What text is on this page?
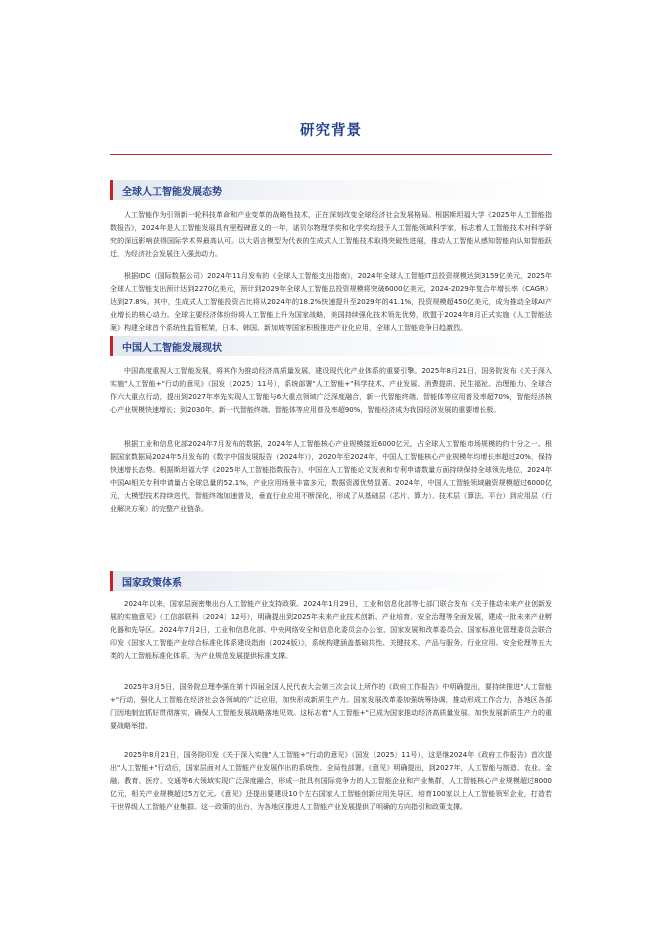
研究背景
全球人工智能发展态势

人工智能作为引领新一轮科技革命和产业变革的战略性技术，正在深刻改变全球经济社会发展格局。根据斯坦福大学《2025年人工智能指数报告》，2024年是人工智能发展具有里程碑意义的一年，诺贝尔物理学奖和化学奖均授予人工智能领域科学家，标志着人工智能技术对科学研究的深远影响获得国际学术界最高认可。以大语言模型为代表的生成式人工智能技术取得突破性进展，推动人工智能从感知智能向认知智能跃迁，为经济社会发展注入强劲动力。

根据IDC（国际数据公司）2024年11月发布的《全球人工智能支出指南》，2024年全球人工智能IT总投资规模达到3159亿美元，2025年全球人工智能支出预计达到2270亿美元，预计到2029年全球人工智能总投资规模将突破6000亿美元，2024-2029年复合年增长率（CAGR）达到27.8%。其中，生成式人工智能投资占比将从2024年的18.2%快速提升至2029年的41.1%，投资规模超450亿美元，成为推动全球AI产业增长的核心动力。全球主要经济体纷纷将人工智能上升为国家战略，美国持续强化技术领先优势，欧盟于2024年8月正式实施《人工智能法案》构建全球首个系统性监管框架，日本、韩国、新加坡等国家积极推进产业化应用，全球人工智能竞争日趋激烈。

中国人工智能发展现状

中国高度重视人工智能发展，将其作为推动经济高质量发展、建设现代化产业体系的重要引擎。2025年8月21日，国务院发布《关于深入实施"人工智能+"行动的意见》（国发〔2025〕11号），系统部署"人工智能+"科学技术、产业发展、消费提质、民生福祉、治理能力、全球合作六大重点行动，提出到2027年率先实现人工智能与6大重点领域广泛深度融合，新一代智能终端、智能体等应用普及率超70%，智能经济核心产业规模快速增长；到2030年，新一代智能终端、智能体等应用普及率超90%，智能经济成为我国经济发展的重要增长极。

根据工业和信息化部2024年7月发布的数据，2024年人工智能核心产业规模接近6000亿元，占全球人工智能市场规模的约十分之一。根据国家数据局2024年5月发布的《数字中国发展报告（2024年）》，2020年至2024年，中国人工智能核心产业规模年均增长率超过20%，保持快速增长态势。根据斯坦福大学《2025年人工智能指数报告》，中国在人工智能论文发表和专利申请数量方面持续保持全球领先地位，2024年中国AI相关专利申请量占全球总量的52.1%，产业应用场景丰富多元，数据资源优势显著。2024年，中国人工智能领域融资规模超过6000亿元，大模型技术持续迭代，智能终端加速普及，垂直行业应用不断深化，形成了从基础层（芯片、算力）、技术层（算法、平台）到应用层（行业解决方案）的完整产业链条。

国家政策体系

2024年以来，国家层面密集出台人工智能产业支持政策。2024年1月29日，工业和信息化部等七部门联合发布《关于推动未来产业创新发展的实施意见》（工信部联科〔2024〕12号），明确提出到2025年未来产业技术创新、产业培育、安全治理等全面发展，建成一批未来产业孵化器和先导区。2024年7月2日，工业和信息化部、中央网络安全和信息化委员会办公室、国家发展和改革委员会、国家标准化管理委员会联合印发《国家人工智能产业综合标准化体系建设指南（2024版）》，系统构建涵盖基础共性、关键技术、产品与服务、行业应用、安全伦理等五大类的人工智能标准化体系，为产业规范发展提供标准支撑。

2025年3月5日，国务院总理李强在第十四届全国人民代表大会第三次会议上所作的《政府工作报告》中明确提出，要持续推进"人工智能+"行动，强化人工智能在经济社会各领域的广泛应用，加快形成新质生产力。国家发展改革委加强统筹协调，推动形成工作合力，各地区各部门因地制宜抓好贯彻落实，确保人工智能发展战略落地见效。这标志着"人工智能+"已成为国家推动经济高质量发展、加快发展新质生产力的重要战略举措。

2025年8月21日，国务院印发《关于深入实施"人工智能+"行动的意见》（国发〔2025〕11号），这是继2024年《政府工作报告》首次提出"人工智能+"行动后，国家层面对人工智能产业发展作出的系统性、全局性部署。《意见》明确提出，到2027年，人工智能与制造、农业、金融、教育、医疗、交通等6大领域实现广泛深度融合，形成一批具有国际竞争力的人工智能企业和产业集群，人工智能核心产业规模超过8000亿元，相关产业规模超过5万亿元。《意见》还提出要建设10个左右国家人工智能创新应用先导区，培育100家以上人工智能领军企业，打造若干世界级人工智能产业集群。这一政策的出台，为各地区推进人工智能产业发展提供了明确的方向指引和政策支撑。
